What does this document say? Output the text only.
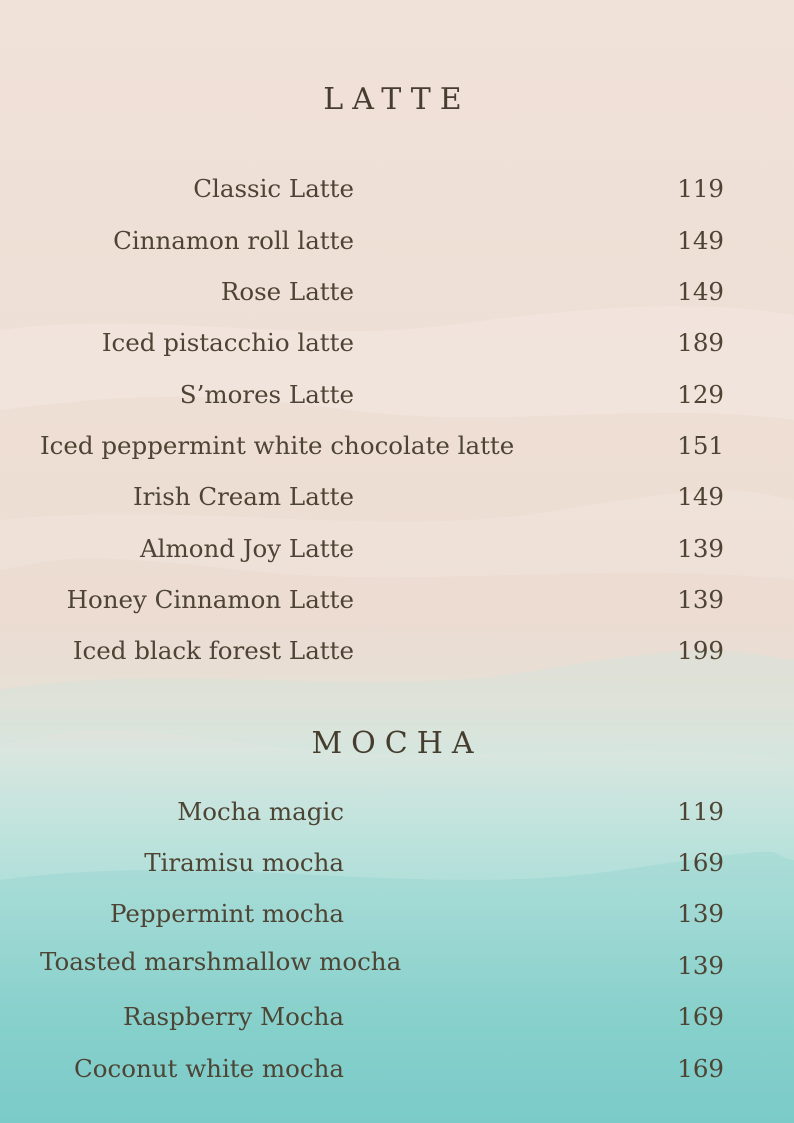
LATTE
Classic Latte	119
Cinnamon roll latte	149
Rose Latte	149
Iced pistacchio latte	189
S’mores Latte	129
Iced peppermint white chocolate latte	151
Irish Cream Latte	149
Almond Joy Latte	139
Honey Cinnamon Latte	139
Iced black forest Latte	199
MOCHA
Mocha magic	119
Tiramisu mocha	169
Peppermint mocha	139
Toasted marshmallow mocha	139
Raspberry Mocha	169
Coconut white mocha	169
